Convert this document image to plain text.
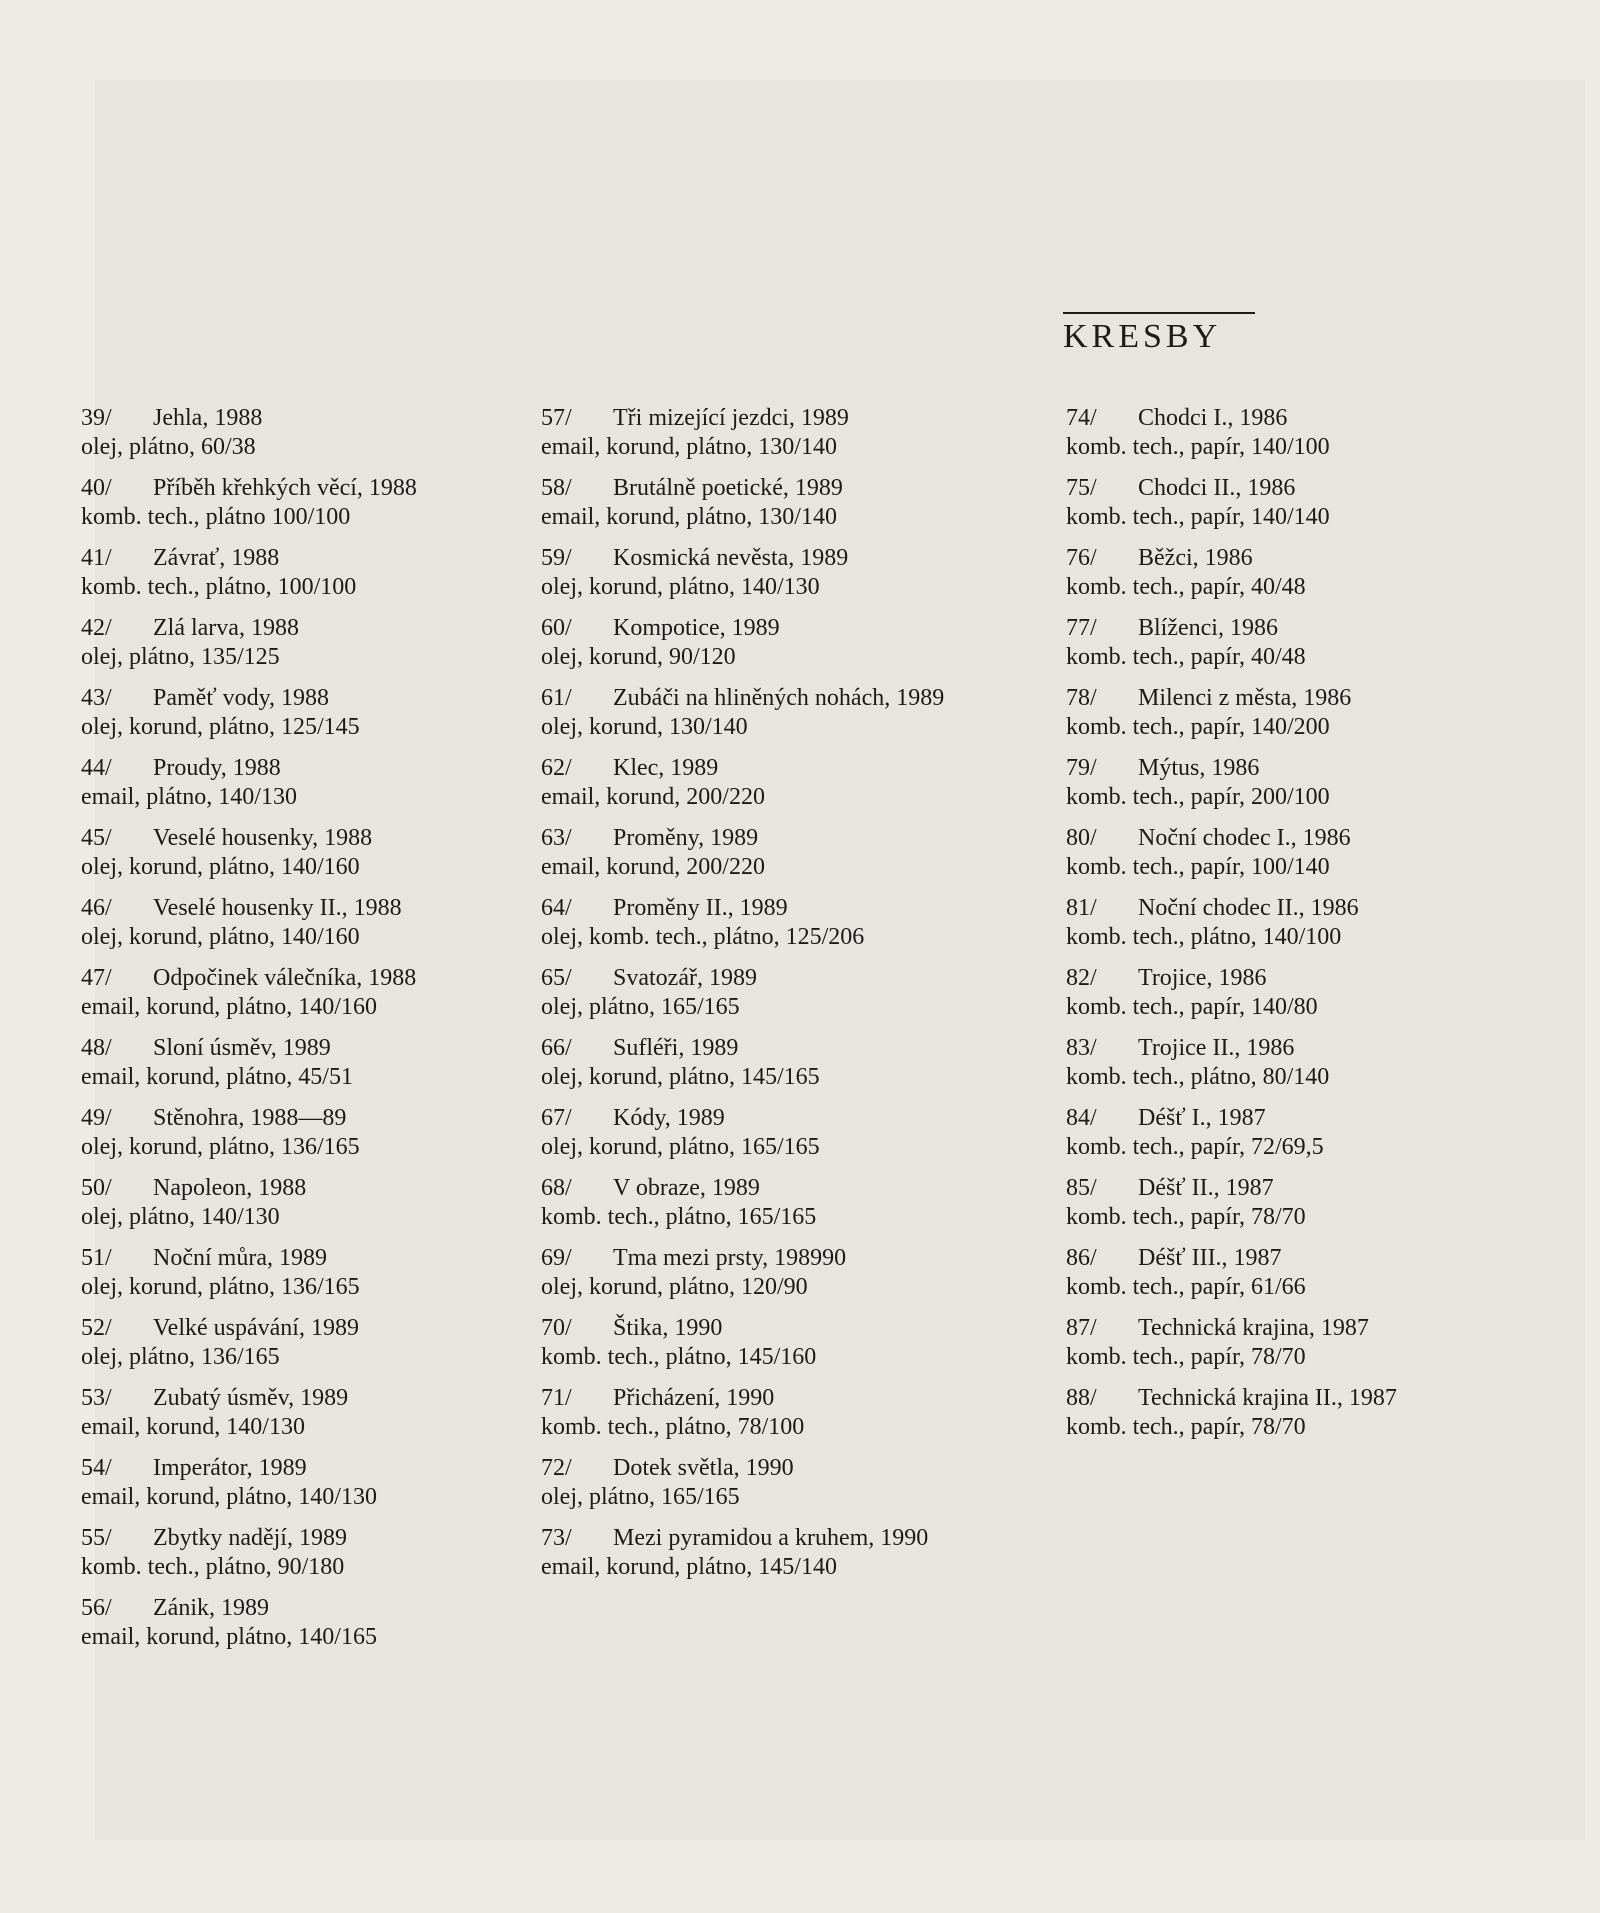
KRESBY
39/ Jehla, 1988
olej, plátno, 60/38
40/ Příběh křehkých věcí, 1988
komb. tech., plátno 100/100
41/ Závrať, 1988
komb. tech., plátno, 100/100
42/ Zlá larva, 1988
olej, plátno, 135/125
43/ Paměť vody, 1988
olej, korund, plátno, 125/145
44/ Proudy, 1988
email, plátno, 140/130
45/ Veselé housenky, 1988
olej, korund, plátno, 140/160
46/ Veselé housenky II., 1988
olej, korund, plátno, 140/160
47/ Odpočinek válečníka, 1988
email, korund, plátno, 140/160
48/ Sloní úsměv, 1989
email, korund, plátno, 45/51
49/ Stěnohra, 1988—89
olej, korund, plátno, 136/165
50/ Napoleon, 1988
olej, plátno, 140/130
51/ Noční můra, 1989
olej, korund, plátno, 136/165
52/ Velké uspávání, 1989
olej, plátno, 136/165
53/ Zubatý úsměv, 1989
email, korund, 140/130
54/ Imperátor, 1989
email, korund, plátno, 140/130
55/ Zbytky nadějí, 1989
komb. tech., plátno, 90/180
56/ Zánik, 1989
email, korund, plátno, 140/165
57/ Tři mizející jezdci, 1989
email, korund, plátno, 130/140
58/ Brutálně poetické, 1989
email, korund, plátno, 130/140
59/ Kosmická nevěsta, 1989
olej, korund, plátno, 140/130
60/ Kompotice, 1989
olej, korund, 90/120
61/ Zubáči na hliněných nohách, 1989
olej, korund, 130/140
62/ Klec, 1989
email, korund, 200/220
63/ Proměny, 1989
email, korund, 200/220
64/ Proměny II., 1989
olej, komb. tech., plátno, 125/206
65/ Svatozář, 1989
olej, plátno, 165/165
66/ Sufléři, 1989
olej, korund, plátno, 145/165
67/ Kódy, 1989
olej, korund, plátno, 165/165
68/ V obraze, 1989
komb. tech., plátno, 165/165
69/ Tma mezi prsty, 198990
olej, korund, plátno, 120/90
70/ Štika, 1990
komb. tech., plátno, 145/160
71/ Přicházení, 1990
komb. tech., plátno, 78/100
72/ Dotek světla, 1990
olej, plátno, 165/165
73/ Mezi pyramidou a kruhem, 1990
email, korund, plátno, 145/140
74/ Chodci I., 1986
komb. tech., papír, 140/100
75/ Chodci II., 1986
komb. tech., papír, 140/140
76/ Běžci, 1986
komb. tech., papír, 40/48
77/ Blíženci, 1986
komb. tech., papír, 40/48
78/ Milenci z města, 1986
komb. tech., papír, 140/200
79/ Mýtus, 1986
komb. tech., papír, 200/100
80/ Noční chodec I., 1986
komb. tech., papír, 100/140
81/ Noční chodec II., 1986
komb. tech., plátno, 140/100
82/ Trojice, 1986
komb. tech., papír, 140/80
83/ Trojice II., 1986
komb. tech., plátno, 80/140
84/ Déšť I., 1987
komb. tech., papír, 72/69,5
85/ Déšť II., 1987
komb. tech., papír, 78/70
86/ Déšť III., 1987
komb. tech., papír, 61/66
87/ Technická krajina, 1987
komb. tech., papír, 78/70
88/ Technická krajina II., 1987
komb. tech., papír, 78/70
